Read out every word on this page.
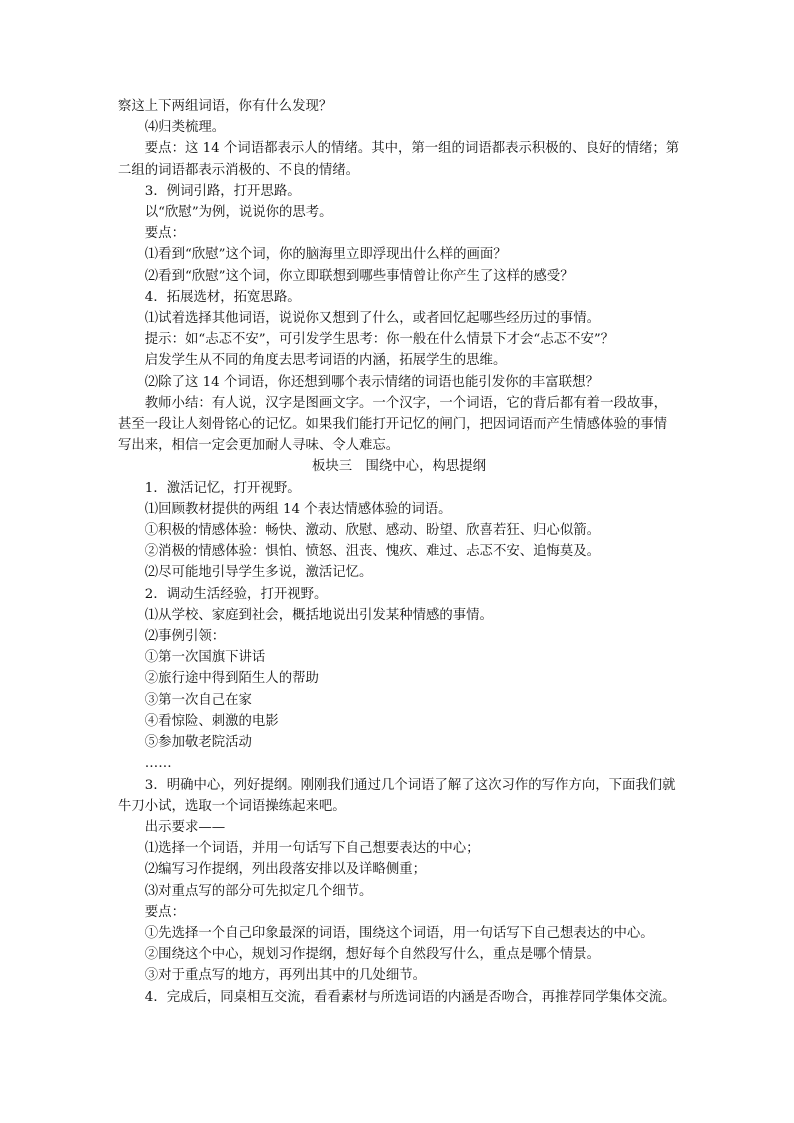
察这上下两组词语，你有什么发现？

⑷归类梳理。

要点：这 14 个词语都表示人的情绪。其中，第一组的词语都表示积极的、良好的情绪；第二组的词语都表示消极的、不良的情绪。

3．例词引路，打开思路。

以“欣慰”为例，说说你的思考。

要点：

⑴看到“欣慰”这个词，你的脑海里立即浮现出什么样的画面？

⑵看到“欣慰”这个词，你立即联想到哪些事情曾让你产生了这样的感受？

4．拓展选材，拓宽思路。

⑴试着选择其他词语，说说你又想到了什么，或者回忆起哪些经历过的事情。

提示：如“忐忑不安”，可引发学生思考：你一般在什么情景下才会“忐忑不安”？

启发学生从不同的角度去思考词语的内涵，拓展学生的思维。

⑵除了这 14 个词语，你还想到哪个表示情绪的词语也能引发你的丰富联想？

教师小结：有人说，汉字是图画文字。一个汉字，一个词语，它的背后都有着一段故事，甚至一段让人刻骨铭心的记忆。如果我们能打开记忆的闸门，把因词语而产生情感体验的事情写出来，相信一定会更加耐人寻味、令人难忘。

板块三　围绕中心，构思提纲

1．激活记忆，打开视野。

⑴回顾教材提供的两组 14 个表达情感体验的词语。

①积极的情感体验：畅快、激动、欣慰、感动、盼望、欣喜若狂、归心似箭。

②消极的情感体验：惧怕、愤怒、沮丧、愧疚、难过、忐忑不安、追悔莫及。

⑵尽可能地引导学生多说，激活记忆。

2．调动生活经验，打开视野。

⑴从学校、家庭到社会，概括地说出引发某种情感的事情。

⑵事例引领：

①第一次国旗下讲话

②旅行途中得到陌生人的帮助

③第一次自己在家

④看惊险、刺激的电影

⑤参加敬老院活动

……

3．明确中心，列好提纲。刚刚我们通过几个词语了解了这次习作的写作方向，下面我们就牛刀小试，选取一个词语操练起来吧。

出示要求——

⑴选择一个词语，并用一句话写下自己想要表达的中心；

⑵编写习作提纲，列出段落安排以及详略侧重；

⑶对重点写的部分可先拟定几个细节。

要点：

①先选择一个自己印象最深的词语，围绕这个词语，用一句话写下自己想表达的中心。

②围绕这个中心，规划习作提纲，想好每个自然段写什么，重点是哪个情景。

③对于重点写的地方，再列出其中的几处细节。

4．完成后，同桌相互交流，看看素材与所选词语的内涵是否吻合，再推荐同学集体交流。
